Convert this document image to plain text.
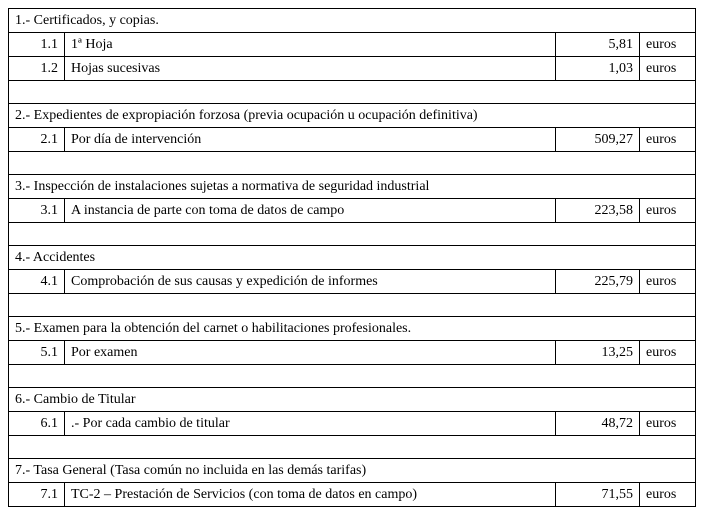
1.- Certificados, y copias.			
1.1	1ª Hoja	5,81	euros
1.2	Hojas sucesivas	1,03	euros

2.- Expedientes de expropiación forzosa (previa ocupación u ocupación definitiva)			
2.1	Por día de intervención	509,27	euros

3.- Inspección de instalaciones sujetas a normativa de seguridad industrial			
3.1	A instancia de parte con toma de datos de campo	223,58	euros

4.- Accidentes			
4.1	Comprobación de sus causas y expedición de informes	225,79	euros

5.- Examen para la obtención del carnet o habilitaciones profesionales.			
5.1	Por examen	13,25	euros

6.- Cambio de Titular			
6.1	.- Por cada cambio de titular	48,72	euros

7.- Tasa General (Tasa común no incluida en las demás tarifas)			
7.1	TC-2 – Prestación de Servicios (con toma de datos en campo)	71,55	euros
